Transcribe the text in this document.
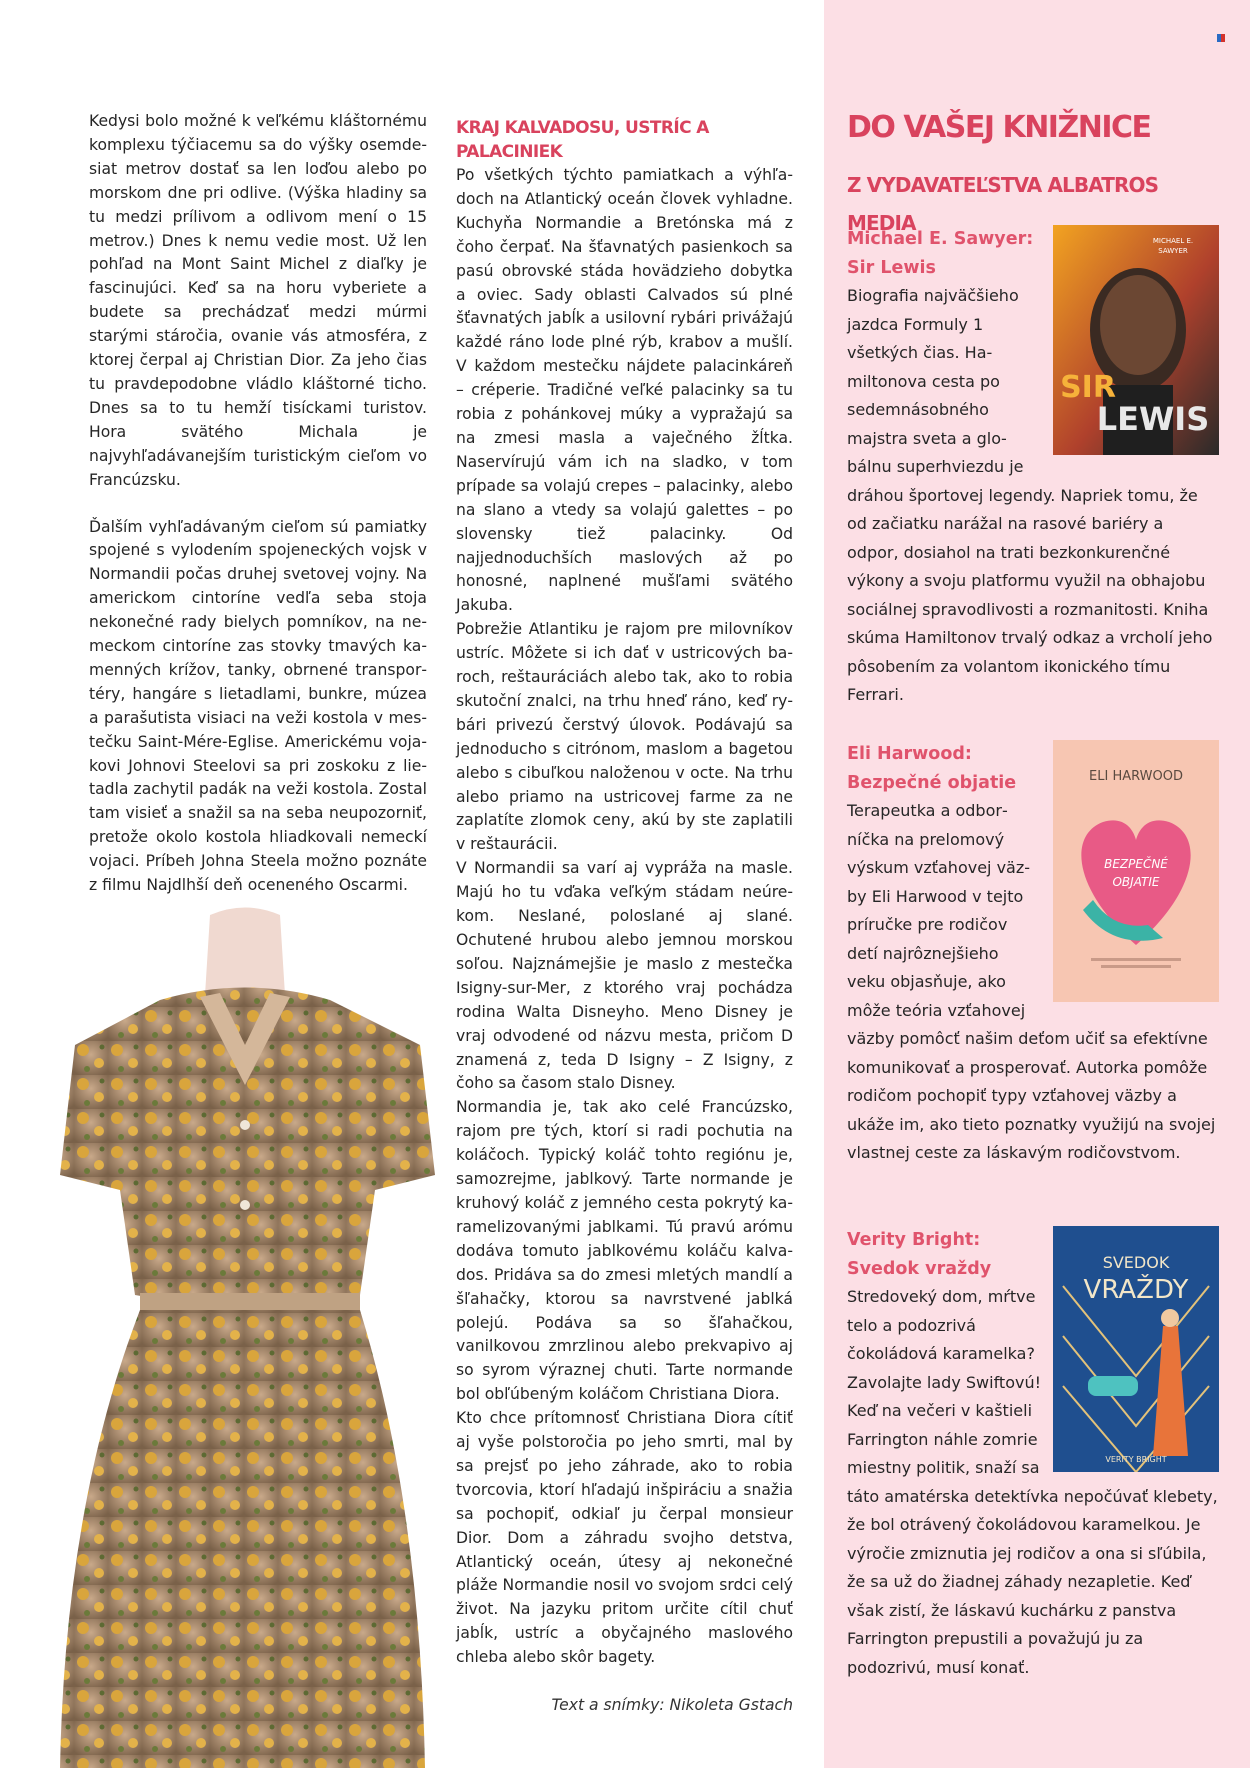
Kedysi bolo možné k veľkému kláštornému komplexu týčiacemu sa do výšky osemdesiat metrov dostať sa len loďou alebo po morskom dne pri odlive. (Výška hladiny sa tu medzi prílivom a odlivom mení o 15 metrov.) Dnes k nemu vedie most. Už len pohľad na Mont Saint Michel z diaľky je fascinujúci. Keď sa na horu vyberiete a budete sa prechádzať medzi múrmi starými stáročia, ovanie vás atmosféra, z ktorej čerpal aj Christian Dior. Za jeho čias tu pravdepodobne vládlo kláštorné ticho. Dnes sa to tu hemží tisíckami turistov. Hora svätého Michala je najvyhľadávanejším turistickým cieľom vo Francúzsku.

Ďalším vyhľadávaným cieľom sú pamiatky spojené s vylodením spojeneckých vojsk v Normandii počas druhej svetovej vojny. Na americkom cintoríne vedľa seba stoja nekonečné rady bielych pomníkov, na nemeckom cintoríne zas stovky tmavých kamenných krížov, tanky, obrnené transportéry, hangáre s lietadlami, bunkre, múzea a parašutista visiaci na veži kostola v mestečku Saint-Mére-Eglise. Americkému vojakovi Johnovi Steelovi sa pri zoskoku z lietadla zachytil padák na veži kostola. Zostal tam visieť a snažil sa na seba neupozorniť, pretože okolo kostola hliadkovali nemeckí vojaci. Príbeh Johna Steela možno poznáte z filmu Najdlhší deň oceneného Oscarmi.

KRAJ KALVADOSU, USTRÍC A PALACINIEK

Po všetkých týchto pamiatkach a výhľadoch na Atlantický oceán človek vyhladne. Kuchyňa Normandie a Bretónska má z čoho čerpať. Na šťavnatých pasienkoch sa pasú obrovské stáda hovädzieho dobytka a oviec. Sady oblasti Calvados sú plné šťavnatých jabĺk a usilovní rybári privážajú každé ráno lode plné rýb, krabov a mušlí. V každom mestečku nájdete palacinkáreň – créperie. Tradičné veľké palacinky sa tu robia z pohánkovej múky a vypražajú sa na zmesi masla a vaječného žĺtka. Naservírujú vám ich na sladko, v tom prípade sa volajú crepes – palacinky, alebo na slano a vtedy sa volajú galettes – po slovensky tiež palacinky. Od najjednoduchších maslových až po honosné, naplnené mušľami svätého Jakuba.

Pobrežie Atlantiku je rajom pre milovníkov ustríc. Môžete si ich dať v ustricových baroch, reštauráciách alebo tak, ako to robia skutoční znalci, na trhu hneď ráno, keď rybári privezú čerstvý úlovok. Podávajú sa jednoducho s citrónom, maslom a bagetou alebo s cibuľkou naloženou v octe. Na trhu alebo priamo na ustricovej farme za ne zaplatíte zlomok ceny, akú by ste zaplatili v reštaurácii.

V Normandii sa varí aj vypráža na masle. Majú ho tu vďaka veľkým stádam neúrekom. Neslané, poloslané aj slané. Ochutené hrubou alebo jemnou morskou soľou. Najznámejšie je maslo z mestečka Isigny-sur-Mer, z ktorého vraj pochádza rodina Walta Disneyho. Meno Disney je vraj odvodené od názvu mesta, pričom D znamená z, teda D Isigny – Z Isigny, z čoho sa časom stalo Disney.

Normandia je, tak ako celé Francúzsko, rajom pre tých, ktorí si radi pochutia na koláčoch. Typický koláč tohto regiónu je, samozrejme, jablkový. Tarte normande je kruhový koláč z jemného cesta pokrytý karamelizovanými jablkami. Tú pravú arómu dodáva tomuto jablkovému koláču kalvados. Pridáva sa do zmesi mletých mandlí a šľahačky, ktorou sa navrstvené jablká polejú. Podáva sa so šľahačkou, vanilkovou zmrzlinou alebo prekvapivo aj so syrom výraznej chuti. Tarte normande bol obľúbeným koláčom Christiana Diora.

Kto chce prítomnosť Christiana Diora cítiť aj vyše polstoročia po jeho smrti, mal by sa prejsť po jeho záhrade, ako to robia tvorcovia, ktorí hľadajú inšpiráciu a snažia sa pochopiť, odkiaľ ju čerpal monsieur Dior. Dom a záhradu svojho detstva, Atlantický oceán, útesy aj nekonečné pláže Normandie nosil vo svojom srdci celý život. Na jazyku pritom určite cítil chuť jabĺk, ustríc a obyčajného maslového chleba alebo skôr bagety.

Text a snímky: Nikoleta Gstach
DO VAŠEJ KNIŽNICE
Z VYDAVATEĽSTVA ALBATROS MEDIA
MICHAEL E.
SAWYER
SIR
LEWIS
Michael E. Sawyer:
Sir Lewis

Biografia najväčšieho jazdca Formuly 1 všetkých čias. Hamiltonova cesta po sedemnásobného majstra sveta a globálnu superhviezdu je dráhou športovej legendy. Napriek tomu, že od začiatku narážal na rasové bariéry a odpor, dosiahol na trati bezkonkurenčné výkony a svoju platformu využil na obhajobu sociálnej spravodlivosti a rozmanitosti. Kniha skúma Hamiltonov trvalý odkaz a vrcholí jeho pôsobením za volantom ikonického tímu Ferrari.

ELI HARWOOD
BEZPEČNÉ
OBJATIE
Eli Harwood:
Bezpečné objatie

Terapeutka a odborníčka na prelomový výskum vzťahovej väzby Eli Harwood v tejto príručke pre rodičov detí najrôznejšieho veku objasňuje, ako môže teória vzťahovej väzby pomôcť našim deťom učiť sa efektívne komunikovať a prosperovať. Autorka pomôže rodičom pochopiť typy vzťahovej väzby a ukáže im, ako tieto poznatky využijú na svojej vlastnej ceste za láskavým rodičovstvom.

SVEDOK
VRAŽDY
VERITY BRIGHT
Verity Bright:
Svedok vraždy

Stredoveký dom, mŕtve telo a podozrivá čokoládová karamelka? Zavolajte lady Swiftovú! Keď na večeri v kaštieli Farrington náhle zomrie miestny politik, snaží sa táto amatérska detektívka nepočúvať klebety, že bol otrávený čokoládovou karamelkou. Je výročie zmiznutia jej rodičov a ona si sľúbila, že sa už do žiadnej záhady nezapletie. Keď však zistí, že láskavú kuchárku z panstva Farrington prepustili a považujú ju za podozrivú, musí konať.
